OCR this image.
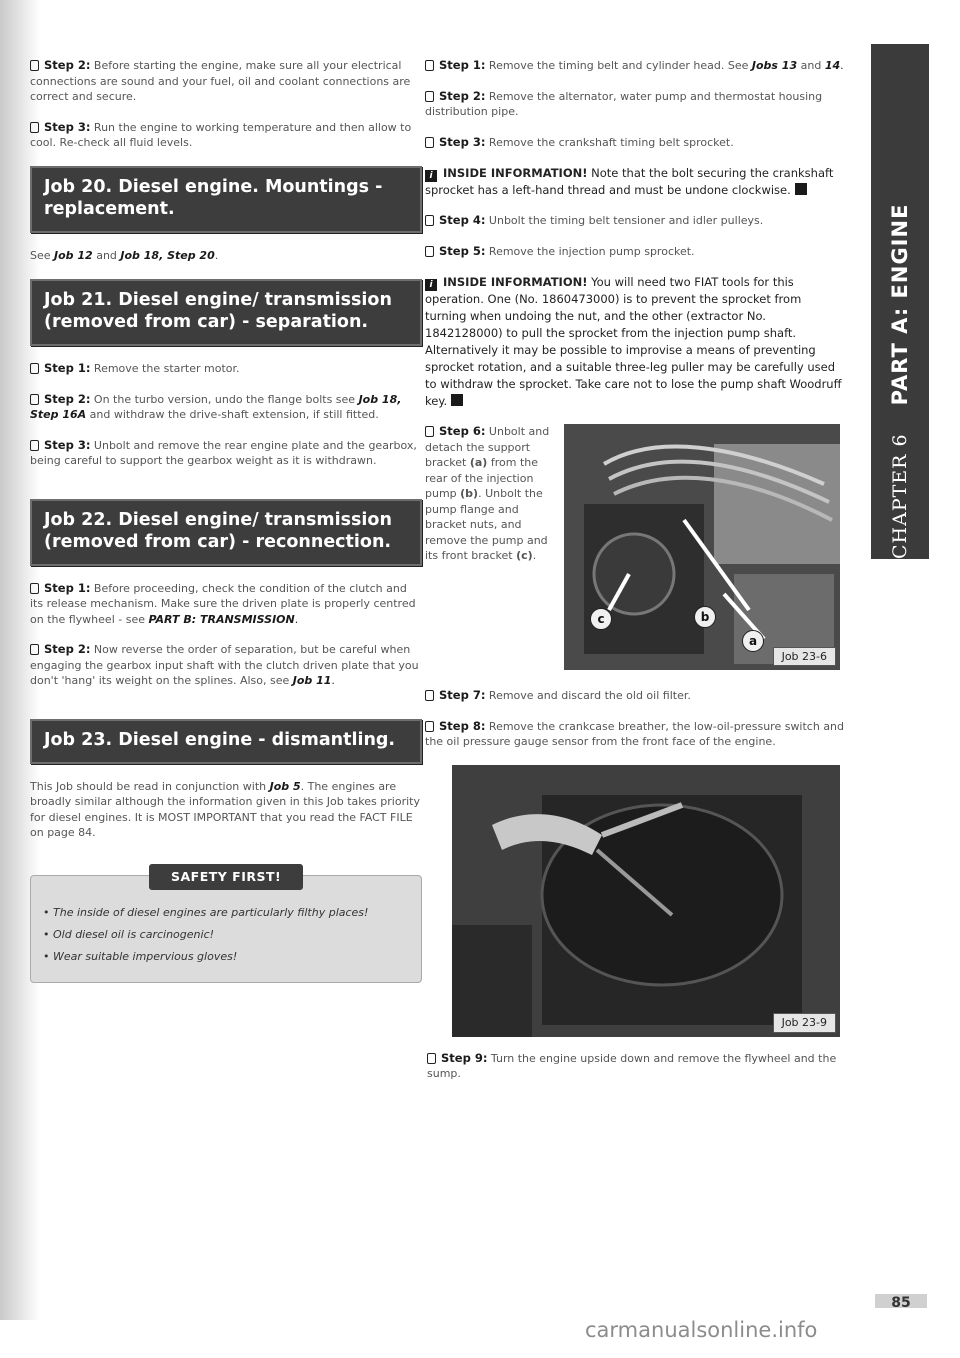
Step 2: Before starting the engine, make sure all your electrical connections are sound and your fuel, oil and coolant connections are correct and secure.
Step 3: Run the engine to working temperature and then allow to cool. Re-check all fluid levels.
Job 20. Diesel engine. Mountings - replacement.
See Job 12 and Job 18, Step 20.
Job 21. Diesel engine/ transmission (removed from car) - separation.
Step 1: Remove the starter motor.
Step 2: On the turbo version, undo the flange bolts see Job 18, Step 16A and withdraw the drive-shaft extension, if still fitted.
Step 3: Unbolt and remove the rear engine plate and the gearbox, being careful to support the gearbox weight as it is withdrawn.
Job 22. Diesel engine/ transmission (removed from car) - reconnection.
Step 1: Before proceeding, check the condition of the clutch and its release mechanism. Make sure the driven plate is properly centred on the flywheel - see PART B: TRANSMISSION.
Step 2: Now reverse the order of separation, but be careful when engaging the gearbox input shaft with the clutch driven plate that you don't 'hang' its weight on the splines. Also, see Job 11.
Job 23. Diesel engine - dismantling.
This Job should be read in conjunction with Job 5. The engines are broadly similar although the information given in this Job takes priority for diesel engines. It is MOST IMPORTANT that you read the FACT FILE on page 84.
SAFETY FIRST!
• The inside of diesel engines are particularly filthy places!
• Old diesel oil is carcinogenic!
• Wear suitable impervious gloves!
Step 1: Remove the timing belt and cylinder head. See Jobs 13 and 14.
Step 2: Remove the alternator, water pump and thermostat housing distribution pipe.
Step 3: Remove the crankshaft timing belt sprocket.
i INSIDE INFORMATION! Note that the bolt securing the crankshaft sprocket has a left-hand thread and must be undone clockwise.
Step 4: Unbolt the timing belt tensioner and idler pulleys.
Step 5: Remove the injection pump sprocket.
i INSIDE INFORMATION! You will need two FIAT tools for this operation. One (No. 1860473000) is to prevent the sprocket from turning when undoing the nut, and the other (extractor No. 1842128000) to pull the sprocket from the injection pump shaft. Alternatively it may be possible to improvise a means of preventing sprocket rotation, and a suitable three-leg puller may be carefully used to withdraw the sprocket. Take care not to lose the pump shaft Woodruff key.
Step 6: Unbolt and detach the support bracket (a) from the rear of the injection pump (b). Unbolt the pump flange and bracket nuts, and remove the pump and its front bracket (c).
c	b
a
Job 23-6
Step 7: Remove and discard the old oil filter.
Step 8: Remove the crankcase breather, the low-oil-pressure switch and the oil pressure gauge sensor from the front face of the engine.
Job 23-9
Step 9: Turn the engine upside down and remove the flywheel and the sump.
CHAPTER 6
PART A: ENGINE
85
carmanualsonline.info
